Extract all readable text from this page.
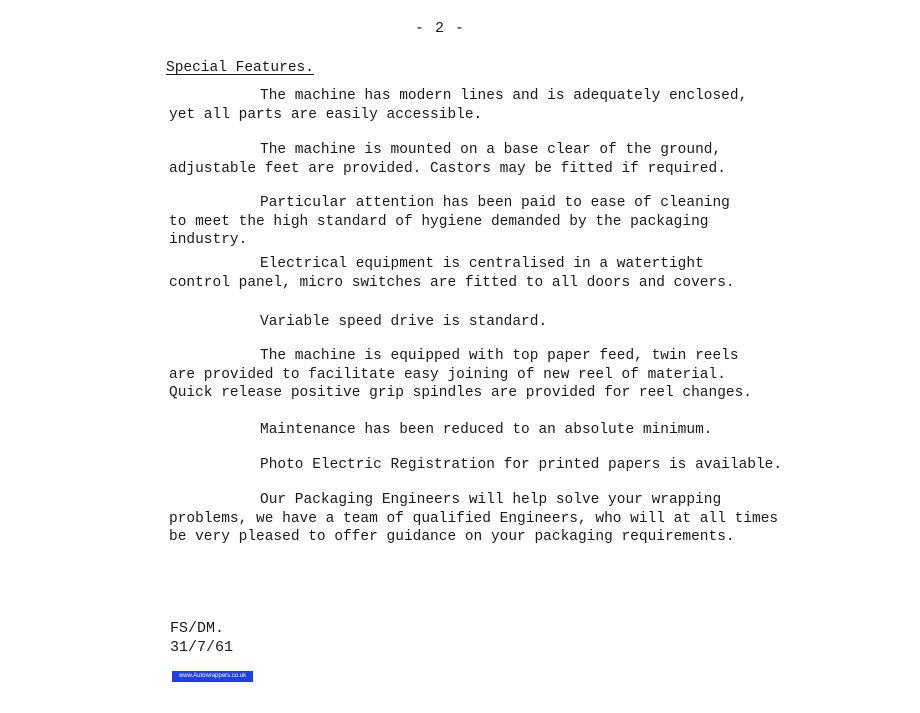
- 2 -
Special Features.
The machine has modern lines and is adequately enclosed,
yet all parts are easily accessible.
The machine is mounted on a base clear of the ground,
adjustable feet are provided. Castors may be fitted if required.
Particular attention has been paid to ease of cleaning
to meet the high standard of hygiene demanded by the packaging
industry.
Electrical equipment is centralised in a watertight
control panel, micro switches are fitted to all doors and covers.
Variable speed drive is standard.
The machine is equipped with top paper feed, twin reels
are provided to facilitate easy joining of new reel of material.
Quick release positive grip spindles are provided for reel changes.
Maintenance has been reduced to an absolute minimum.
Photo Electric Registration for printed papers is available.
Our Packaging Engineers will help solve your wrapping
problems, we have a team of qualified Engineers, who will at all times
be very pleased to offer guidance on your packaging requirements.
FS/DM.
31/7/61
www.Autowrappers.co.uk
